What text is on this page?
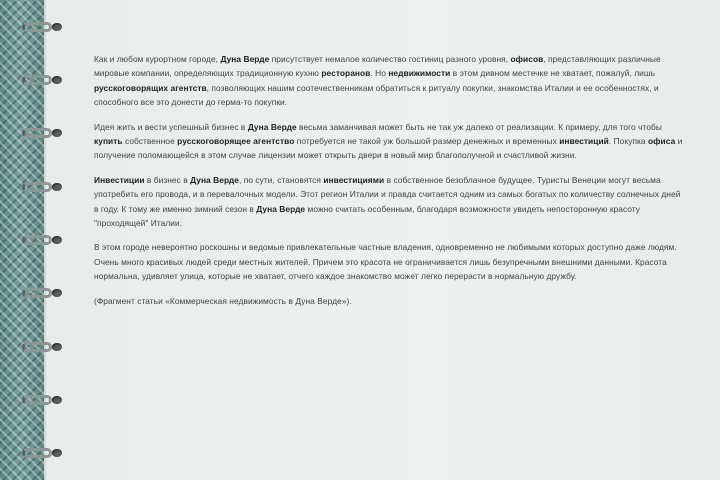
Как и любом курортном городе, Дуна Верде присутствует немалое количество гостиниц разного уровня, офисов, представляющих различные мировые компании, определяющих традиционную кухню ресторанов. Но недвижимости в этом дивном местечке не хватает, пожалуй, лишь русскоговорящих агентств, позволяющих нашим соотечественникам обратиться к ритуалу покупки, знакомства Италии и ее особенностях, и способного все это донести до герма-то покупки.

Идея жить и вести успешный бизнес в Дуна Верде весьма заманчивая может быть не так уж далеко от реализации. К примеру, для того чтобы купить собственное русскоговорящее агентство потребуется не такой уж большой размер денежных и временных инвестиций. Покупка офиса и получение поломающейся в этом случае лицензии может открыть двери в новый мир благополучной и счастливой жизни.

Инвестиции в бизнес в Дуна Верде, по сути, становятся инвестициями в собственное безоблачное будущее. Туристы Венеции могут весьма употребить его провода, и в перевалочных модели. Этот регион Италии и правда считается одним из самых богатых по количеству солнечных дней в году. К тому же именно зимний сезон в Дуна Верде можно считать особенным, благодаря возможности увидеть непосторонную красоту "проходящей" Италии.

В этом городе невероятно роскошны и ведомые привлекательные частные владения, одновременно не любимыми которых доступно даже людям. Очень много красивых людей среди местных жителей. Причем это красота не ограничивается лишь безупречными внешними данными. Красота нормальна, удивляет улица, которые не хватает, отчего каждое знакомство может легко перерасти в нормальную дружбу.

(Фрагмент статьи «Коммерческая недвижимость в Дуна Верде»).
